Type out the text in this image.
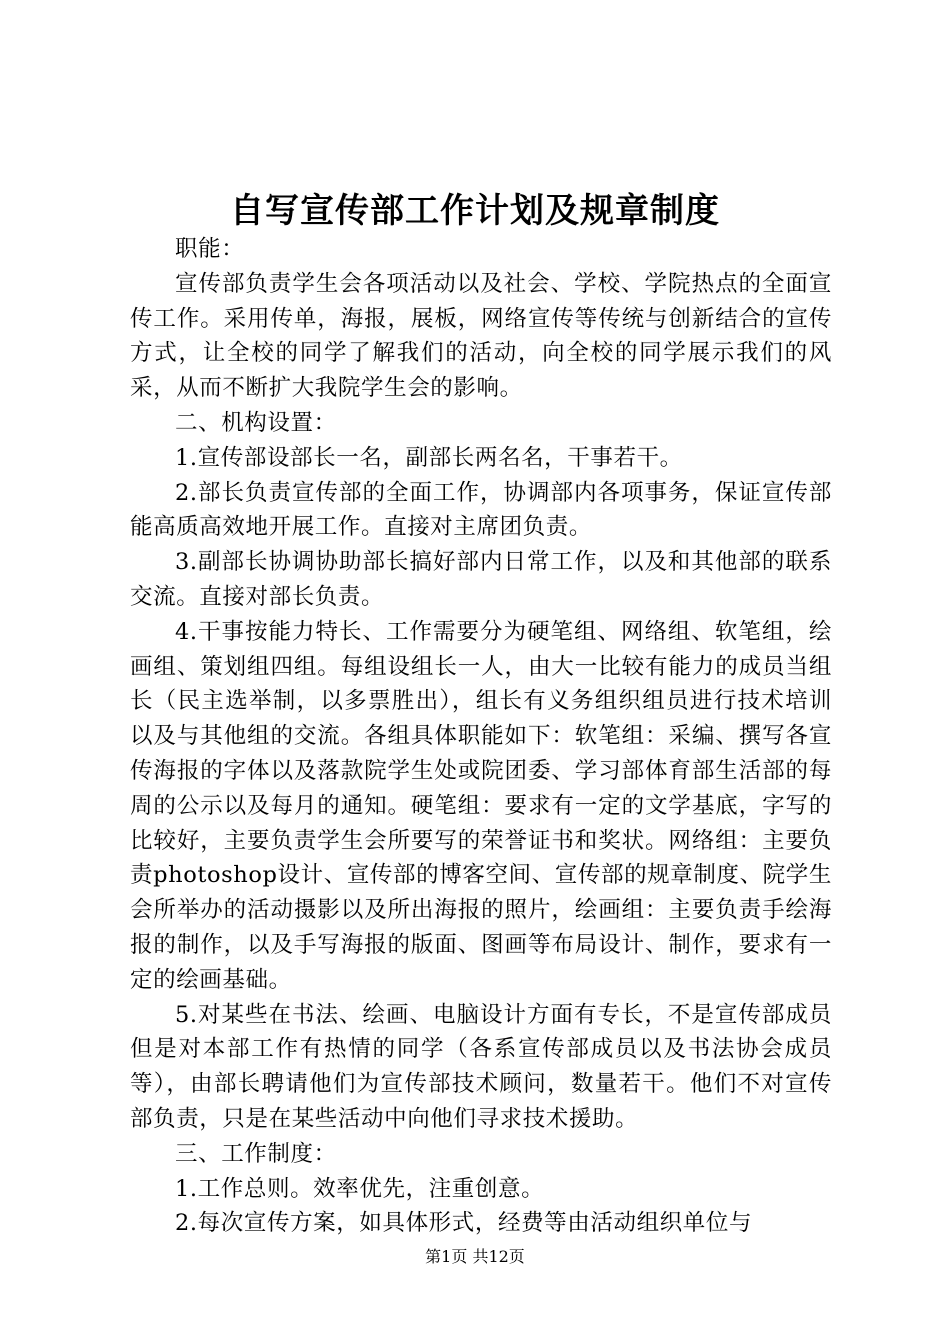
自写宣传部工作计划及规章制度

职能：

宣传部负责学生会各项活动以及社会、学校、学院热点的全面宣传工作。采用传单，海报，展板，网络宣传等传统与创新结合的宣传方式，让全校的同学了解我们的活动，向全校的同学展示我们的风采，从而不断扩大我院学生会的影响。

二、机构设置：

1.宣传部设部长一名，副部长两名名，干事若干。

2.部长负责宣传部的全面工作，协调部内各项事务，保证宣传部能高质高效地开展工作。直接对主席团负责。

3.副部长协调协助部长搞好部内日常工作，以及和其他部的联系交流。直接对部长负责。

4.干事按能力特长、工作需要分为硬笔组、网络组、软笔组，绘画组、策划组四组。每组设组长一人，由大一比较有能力的成员当组长（民主选举制，以多票胜出），组长有义务组织组员进行技术培训以及与其他组的交流。各组具体职能如下：软笔组：采编、撰写各宣传海报的字体以及落款院学生处或院团委、学习部体育部生活部的每周的公示以及每月的通知。硬笔组：要求有一定的文学基底，字写的比较好，主要负责学生会所要写的荣誉证书和奖状。网络组：主要负责photoshop设计、宣传部的博客空间、宣传部的规章制度、院学生会所举办的活动摄影以及所出海报的照片，绘画组：主要负责手绘海报的制作，以及手写海报的版面、图画等布局设计、制作，要求有一定的绘画基础。

5.对某些在书法、绘画、电脑设计方面有专长，不是宣传部成员但是对本部工作有热情的同学（各系宣传部成员以及书法协会成员等），由部长聘请他们为宣传部技术顾问，数量若干。他们不对宣传部负责，只是在某些活动中向他们寻求技术援助。

三、工作制度：

1.工作总则。效率优先，注重创意。

2.每次宣传方案，如具体形式，经费等由活动组织单位与

第1页 共12页
